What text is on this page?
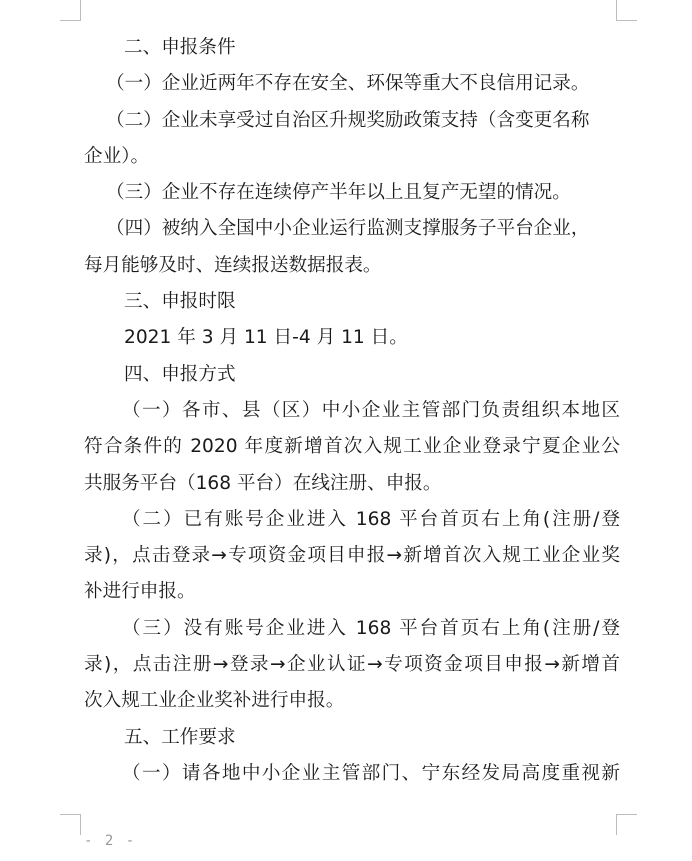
二、申报条件
（一）企业近两年不存在安全、环保等重大不良信用记录。
（二）企业未享受过自治区升规奖励政策支持（含变更名称
企业）。
（三）企业不存在连续停产半年以上且复产无望的情况。
（四）被纳入全国中小企业运行监测支撑服务子平台企业，
每月能够及时、连续报送数据报表。
三、申报时限
2021 年 3 月 11 日-4 月 11 日。
四、申报方式
（一）各市、县（区）中小企业主管部门负责组织本地区
符合条件的 2020 年度新增首次入规工业企业登录宁夏企业公
共服务平台（168 平台）在线注册、申报。
（二）已有账号企业进入 168 平台首页右上角(注册/登
录)，点击登录→专项资金项目申报→新增首次入规工业企业奖
补进行申报。
（三）没有账号企业进入 168 平台首页右上角(注册/登
录)，点击注册→登录→企业认证→专项资金项目申报→新增首
次入规工业企业奖补进行申报。
五、工作要求
（一）请各地中小企业主管部门、宁东经发局高度重视新
- 2 -
